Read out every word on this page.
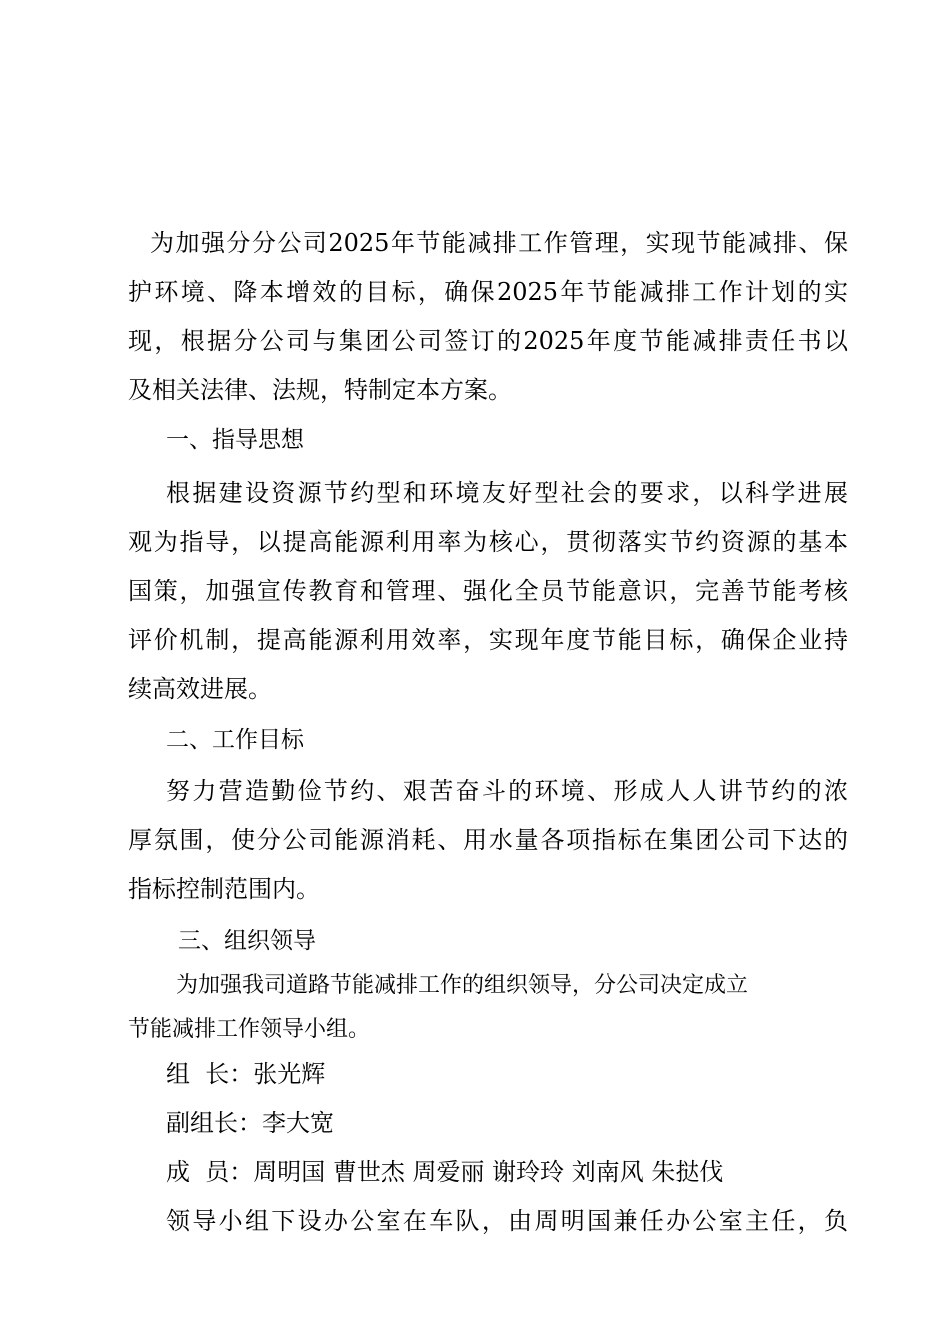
为加强分分公司2025年节能减排工作管理，实现节能减排、保
护环境、降本增效的目标，确保2025年节能减排工作计划的实
现，根据分公司与集团公司签订的2025年度节能减排责任书以
及相关法律、法规，特制定本方案。
一、指导思想
根据建设资源节约型和环境友好型社会的要求，以科学进展
观为指导，以提高能源利用率为核心，贯彻落实节约资源的基本
国策，加强宣传教育和管理、强化全员节能意识，完善节能考核
评价机制，提高能源利用效率，实现年度节能目标，确保企业持
续高效进展。
二、工作目标
努力营造勤俭节约、艰苦奋斗的环境、形成人人讲节约的浓
厚氛围，使分公司能源消耗、用水量各项指标在集团公司下达的
指标控制范围内。
三、组织领导
为加强我司道路节能减排工作的组织领导，分公司决定成立
节能减排工作领导小组。
组  长：张光辉
副组长：李大宽
成  员：周明国 曹世杰 周爱丽 谢玲玲 刘南风 朱挞伐
领导小组下设办公室在车队，由周明国兼任办公室主任，负
